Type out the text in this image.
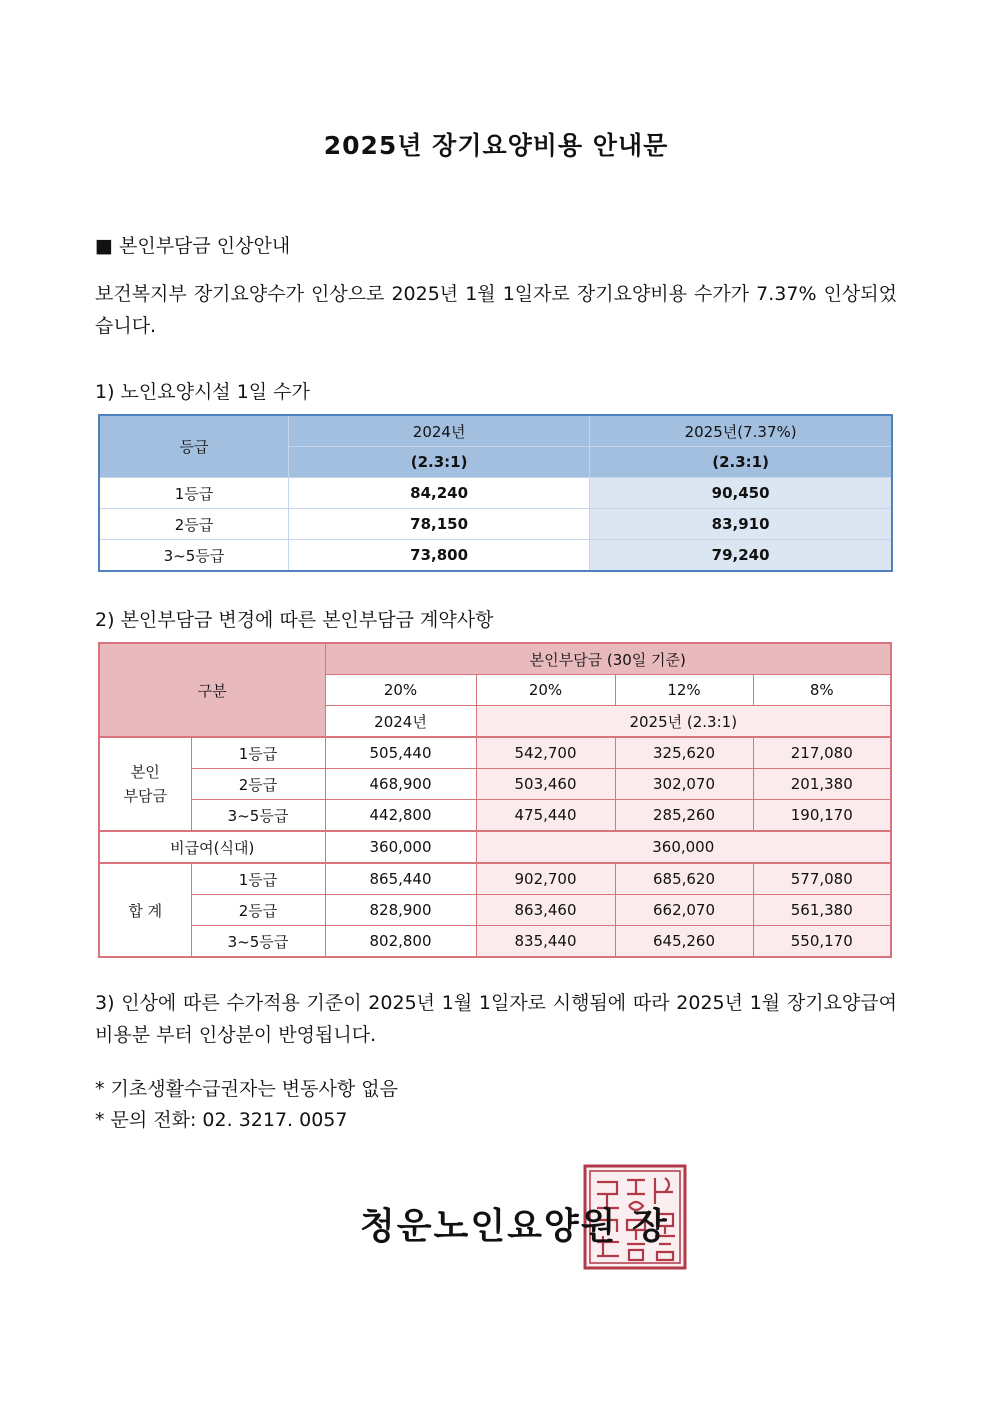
2025년 장기요양비용 안내문
■ 본인부담금 인상안내
보건복지부 장기요양수가 인상으로 2025년 1월 1일자로 장기요양비용 수가가 7.37% 인상되었습니다.
1) 노인요양시설 1일 수가
등급	2024년	2025년(7.37%)
	(2.3:1)	(2.3:1)
1등급	84,240	90,450
2등급	78,150	83,910
3~5등급	73,800	79,240
2) 본인부담금 변경에 따른 본인부담금 계약사항
구분		본인부담금 (30일 기준)			
		20%	20%	12%	8%
		2024년	2025년 (2.3:1)		
본인
부담금	1등급	505,440	542,700	325,620	217,080
	2등급	468,900	503,460	302,070	201,380
	3~5등급	442,800	475,440	285,260	190,170
비급여(식대)		360,000	360,000		
합 계	1등급	865,440	902,700	685,620	577,080
	2등급	828,900	863,460	662,070	561,380
	3~5등급	802,800	835,440	645,260	550,170
3) 인상에 따른 수가적용 기준이 2025년 1월 1일자로 시행됨에 따라 2025년 1월 장기요양급여비용분 부터 인상분이 반영됩니다.
* 기초생활수급권자는 변동사항 없음
* 문의 전화: 02. 3217. 0057
청운노인요양원 장
